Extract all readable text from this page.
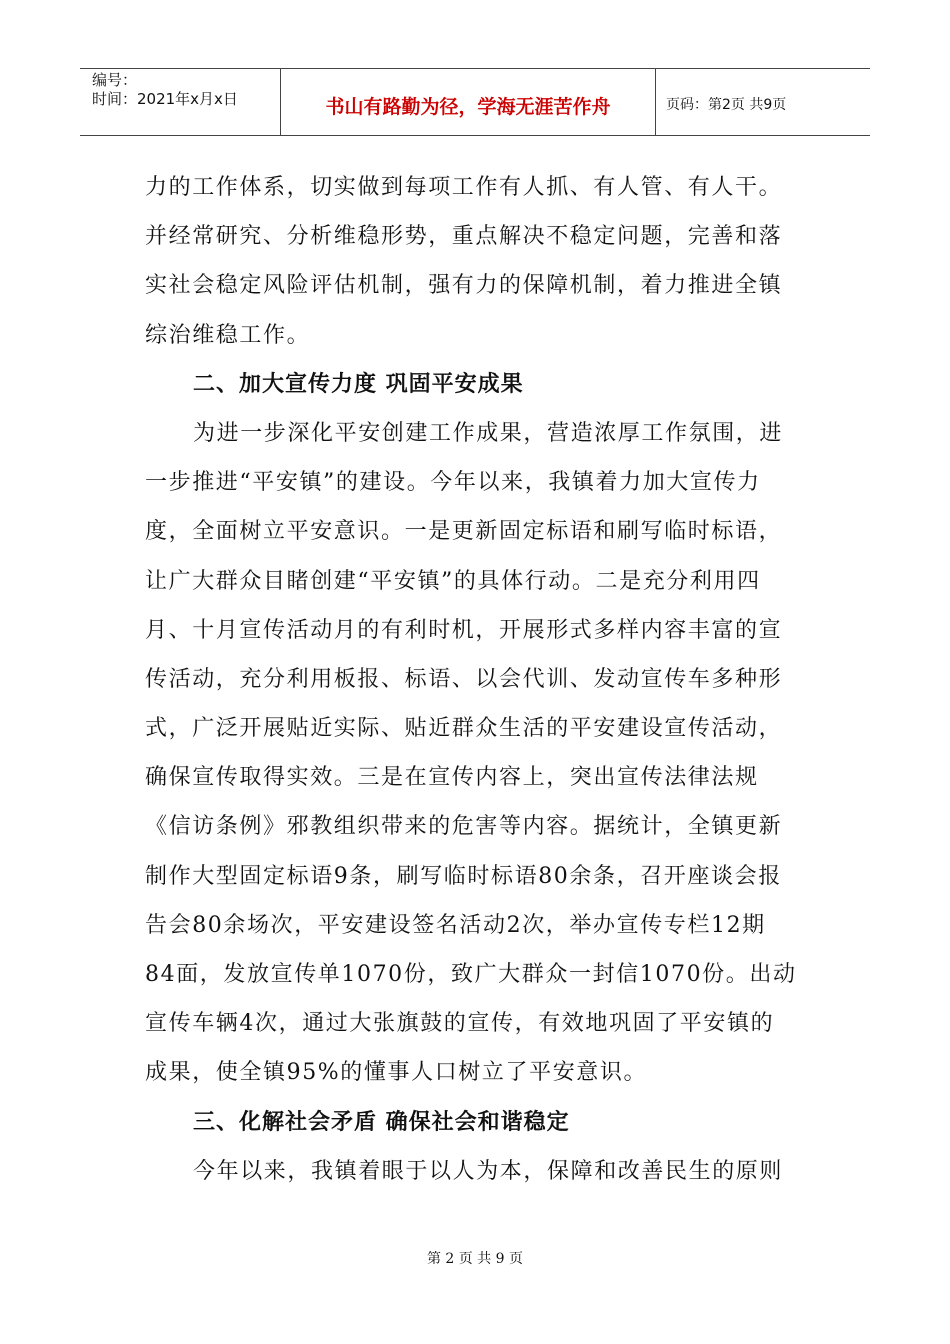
编号：
时间：2021年x月x日	书山有路勤为径，学海无涯苦作舟	页码：第2页 共9页
力的工作体系，切实做到每项工作有人抓、有人管、有人干。
并经常研究、分析维稳形势，重点解决不稳定问题，完善和落
实社会稳定风险评估机制，强有力的保障机制，着力推进全镇
综治维稳工作。
二、加大宣传力度 巩固平安成果
为进一步深化平安创建工作成果，营造浓厚工作氛围，进
一步推进“平安镇”的建设。今年以来，我镇着力加大宣传力
度，全面树立平安意识。一是更新固定标语和刷写临时标语，
让广大群众目睹创建“平安镇”的具体行动。二是充分利用四
月、十月宣传活动月的有利时机，开展形式多样内容丰富的宣
传活动，充分利用板报、标语、以会代训、发动宣传车多种形
式，广泛开展贴近实际、贴近群众生活的平安建设宣传活动，
确保宣传取得实效。三是在宣传内容上，突出宣传法律法规
《信访条例》邪教组织带来的危害等内容。据统计，全镇更新
制作大型固定标语9条，刷写临时标语80余条，召开座谈会报
告会80余场次，平安建设签名活动2次，举办宣传专栏12期
84面，发放宣传单1070份，致广大群众一封信1070份。出动
宣传车辆4次，通过大张旗鼓的宣传，有效地巩固了平安镇的
成果，使全镇95%的懂事人口树立了平安意识。
三、化解社会矛盾 确保社会和谐稳定
今年以来，我镇着眼于以人为本，保障和改善民生的原则
第 2 页 共 9 页
